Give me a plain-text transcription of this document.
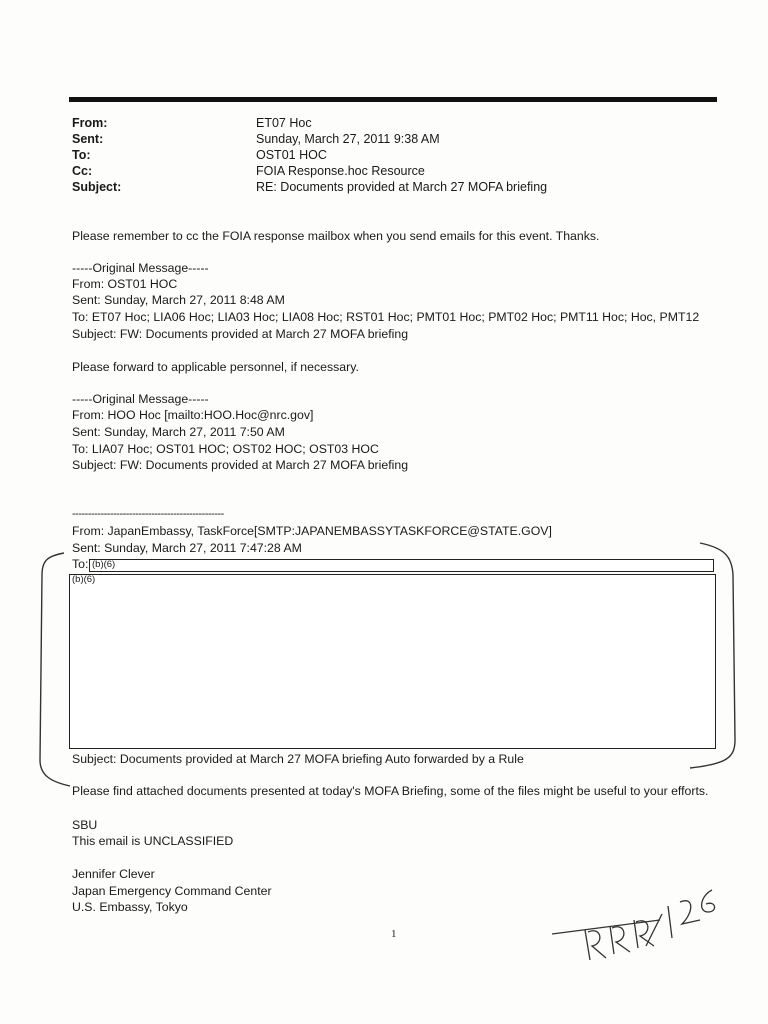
From:	ET07 Hoc
Sent:	Sunday, March 27, 2011 9:38 AM
To:	OST01 HOC
Cc:	FOIA Response.hoc Resource
Subject:	RE: Documents provided at March 27 MOFA briefing
Please remember to cc the FOIA response mailbox when you send emails for this event. Thanks.
-----Original Message-----
From: OST01 HOC
Sent: Sunday, March 27, 2011 8:48 AM
To: ET07 Hoc; LIA06 Hoc; LIA03 Hoc; LIA08 Hoc; RST01 Hoc; PMT01 Hoc; PMT02 Hoc; PMT11 Hoc; Hoc, PMT12
Subject: FW: Documents provided at March 27 MOFA briefing
Please forward to applicable personnel, if necessary.
-----Original Message-----
From: HOO Hoc [mailto:HOO.Hoc@nrc.gov]
Sent: Sunday, March 27, 2011 7:50 AM
To: LIA07 Hoc; OST01 HOC; OST02 HOC; OST03 HOC
Subject: FW: Documents provided at March 27 MOFA briefing
------------------------------------------------
From: JapanEmbassy, TaskForce[SMTP:JAPANEMBASSYTASKFORCE@STATE.GOV]
Sent: Sunday, March 27, 2011 7:47:28 AM
To: (b)(6)
(b)(6)
Subject: Documents provided at March 27 MOFA briefing Auto forwarded by a Rule
Please find attached documents presented at today's MOFA Briefing, some of the files might be useful to your efforts.
SBU
This email is UNCLASSIFIED
Jennifer Clever
Japan Emergency Command Center
U.S. Embassy, Tokyo
1
